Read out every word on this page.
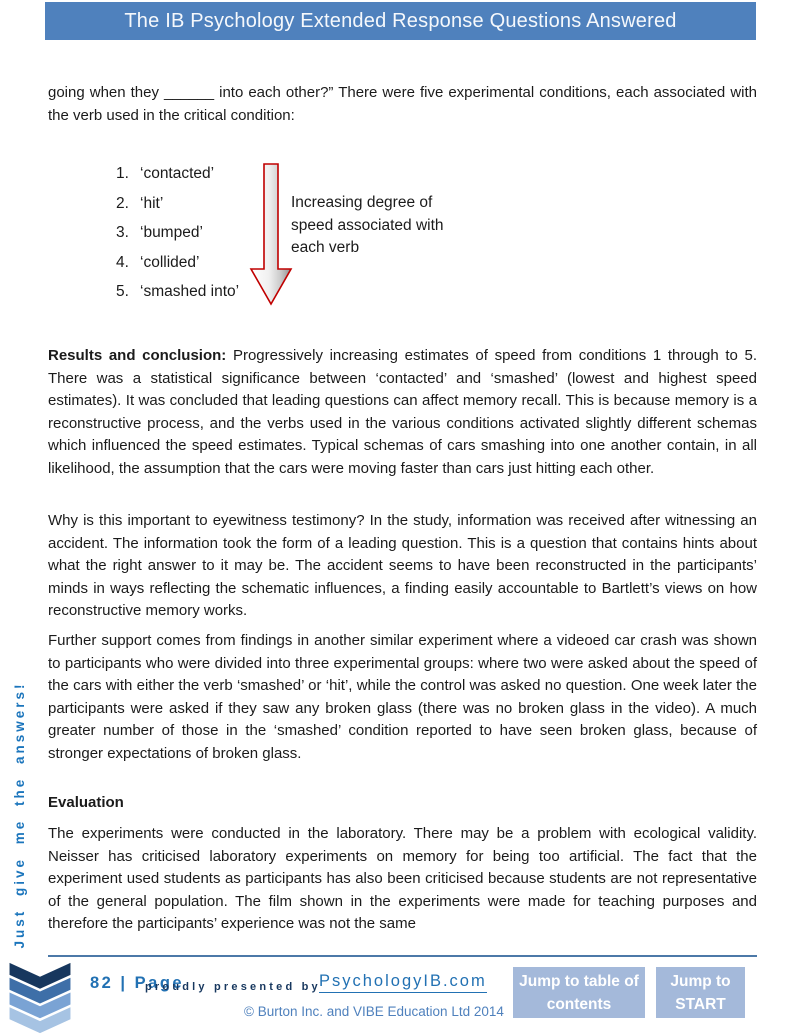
The IB Psychology Extended Response Questions Answered

going when they ______ into each other?” There were five experimental conditions, each associated with the verb used in the critical condition:

1. ‘contacted’
2. ‘hit’
3. ‘bumped’
4. ‘collided’
5. ‘smashed into’
Increasing degree of speed associated with each verb

Results and conclusion: Progressively increasing estimates of speed from conditions 1 through to 5. There was a statistical significance between ‘contacted’ and ‘smashed’ (lowest and highest speed estimates). It was concluded that leading questions can affect memory recall. This is because memory is a reconstructive process, and the verbs used in the various conditions activated slightly different schemas which influenced the speed estimates. Typical schemas of cars smashing into one another contain, in all likelihood, the assumption that the cars were moving faster than cars just hitting each other.

Why is this important to eyewitness testimony? In the study, information was received after witnessing an accident. The information took the form of a leading question. This is a question that contains hints about what the right answer to it may be. The accident seems to have been reconstructed in the participants’ minds in ways reflecting the schematic influences, a finding easily accountable to Bartlett’s views on how reconstructive memory works.

Further support comes from findings in another similar experiment where a videoed car crash was shown to participants who were divided into three experimental groups: where two were asked about the speed of the cars with either the verb ‘smashed’ or ‘hit’, while the control was asked no question. One week later the participants were asked if they saw any broken glass (there was no broken glass in the video). A much greater number of those in the ‘smashed’ condition reported to have seen broken glass, because of stronger expectations of broken glass.

Evaluation

The experiments were conducted in the laboratory. There may be a problem with ecological validity. Neisser has criticised laboratory experiments on memory for being too artificial. The fact that the experiment used students as participants has also been criticised because students are not representative of the general population. The film shown in the experiments were made for teaching purposes and therefore the participants’ experience was not the same

Just give me the answers!
82 | Page
proudly presented by
PsychologyIB.com
© Burton Inc. and VIBE Education Ltd 2014
Jump to table of contents
Jump to START
